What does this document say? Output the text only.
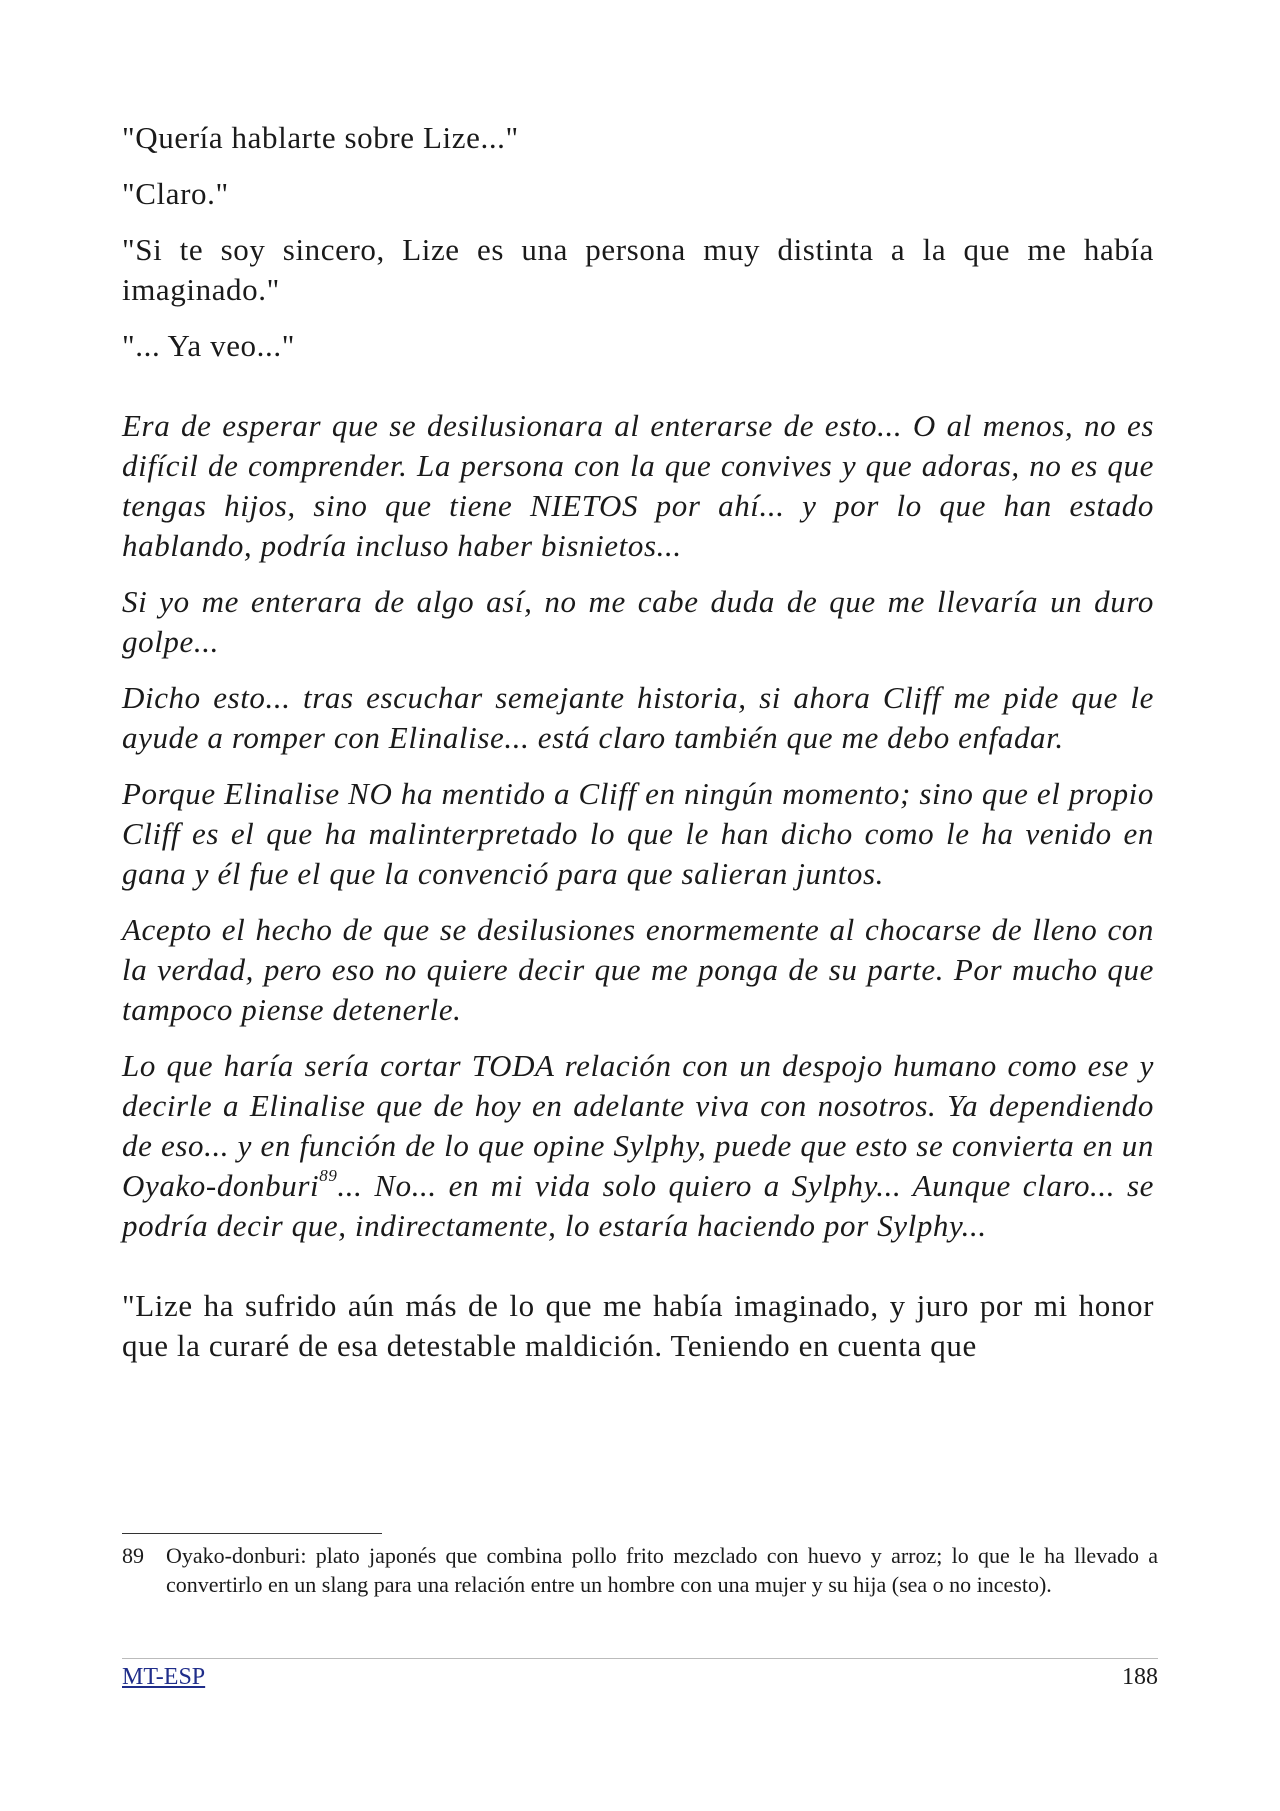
"Quería hablarte sobre Lize..."

"Claro."

"Si te soy sincero, Lize es una persona muy distinta a la que me había imaginado."

"... Ya veo..."

Era de esperar que se desilusionara al enterarse de esto... O al menos, no es difícil de comprender. La persona con la que convives y que adoras, no es que tengas hijos, sino que tiene NIETOS por ahí... y por lo que han estado hablando, podría incluso haber bisnietos...

Si yo me enterara de algo así, no me cabe duda de que me llevaría un duro golpe...

Dicho esto... tras escuchar semejante historia, si ahora Cliff me pide que le ayude a romper con Elinalise... está claro también que me debo enfadar.

Porque Elinalise NO ha mentido a Cliff en ningún momento; sino que el propio Cliff es el que ha malinterpretado lo que le han dicho como le ha venido en gana y él fue el que la convenció para que salieran juntos.

Acepto el hecho de que se desilusiones enormemente al chocarse de lleno con la verdad, pero eso no quiere decir que me ponga de su parte. Por mucho que tampoco piense detenerle.

Lo que haría sería cortar TODA relación con un despojo humano como ese y decirle a Elinalise que de hoy en adelante viva con nosotros. Ya dependiendo de eso... y en función de lo que opine Sylphy, puede que esto se convierta en un Oyako-donburi$^{89}$... No... en mi vida solo quiero a Sylphy... Aunque claro... se podría decir que, indirectamente, lo estaría haciendo por Sylphy...

"Lize ha sufrido aún más de lo que me había imaginado, y juro por mi honor que la curaré de esa detestable maldición. Teniendo en cuenta que

89	Oyako-donburi: plato japonés que combina pollo frito mezclado con huevo y arroz; lo que le ha llevado a convertirlo en un slang para una relación entre un hombre con una mujer y su hija (sea o no incesto).
MT-ESP	188
